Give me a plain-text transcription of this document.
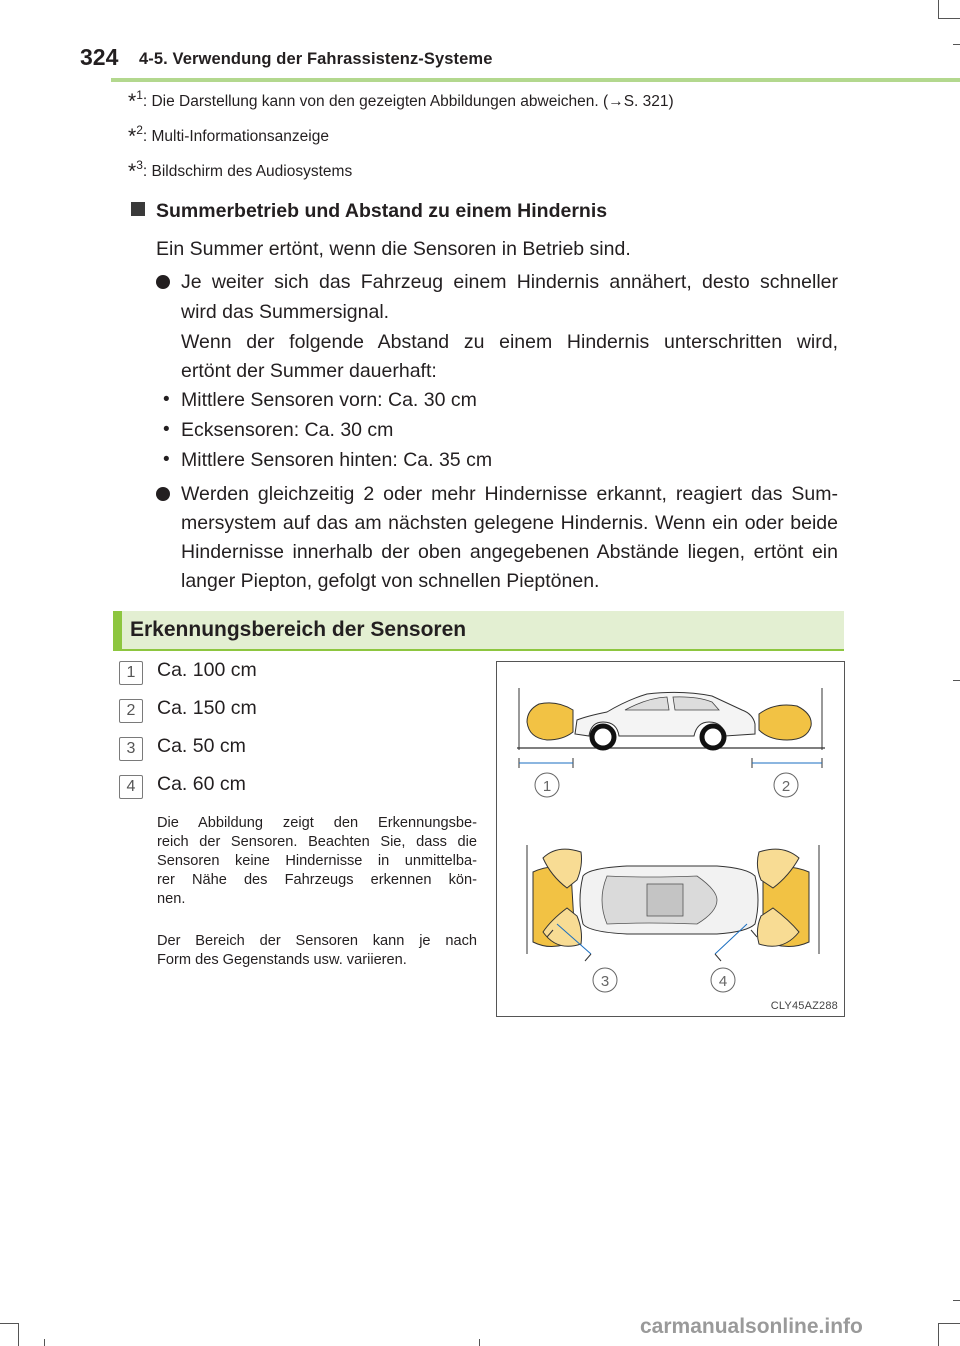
324 4-5. Verwendung der Fahrassistenz-Systeme
*$^1$: Die Darstellung kann von den gezeigten Abbildungen abweichen. (→S. 321)
*$^2$: Multi-Informationsanzeige
*$^3$: Bildschirm des Audiosystems
Summerbetrieb und Abstand zu einem Hindernis
Ein Summer ertönt, wenn die Sensoren in Betrieb sind.
Je weiter sich das Fahrzeug einem Hindernis annähert, desto schneller
wird das Summersignal.
Wenn der folgende Abstand zu einem Hindernis unterschritten wird,
ertönt der Summer dauerhaft:
• Mittlere Sensoren vorn: Ca. 30 cm
• Ecksensoren: Ca. 30 cm
• Mittlere Sensoren hinten: Ca. 35 cm
Werden gleichzeitig 2 oder mehr Hindernisse erkannt, reagiert das Sum-
mersystem auf das am nächsten gelegene Hindernis. Wenn ein oder beide
Hindernisse innerhalb der oben angegebenen Abstände liegen, ertönt ein
langer Piepton, gefolgt von schnellen Pieptönen.
Erkennungsbereich der Sensoren
1	Ca. 100 cm
2	Ca. 150 cm
3	Ca. 50 cm
4	Ca. 60 cm
Die Abbildung zeigt den Erkennungsbe-
reich der Sensoren. Beachten Sie, dass die
Sensoren keine Hindernisse in unmittelba-
rer Nähe des Fahrzeugs erkennen kön-
nen.
Der Bereich der Sensoren kann je nach
Form des Gegenstands usw. variieren.
1	2
3	4
CLY45AZ288
carmanualsonline.info
